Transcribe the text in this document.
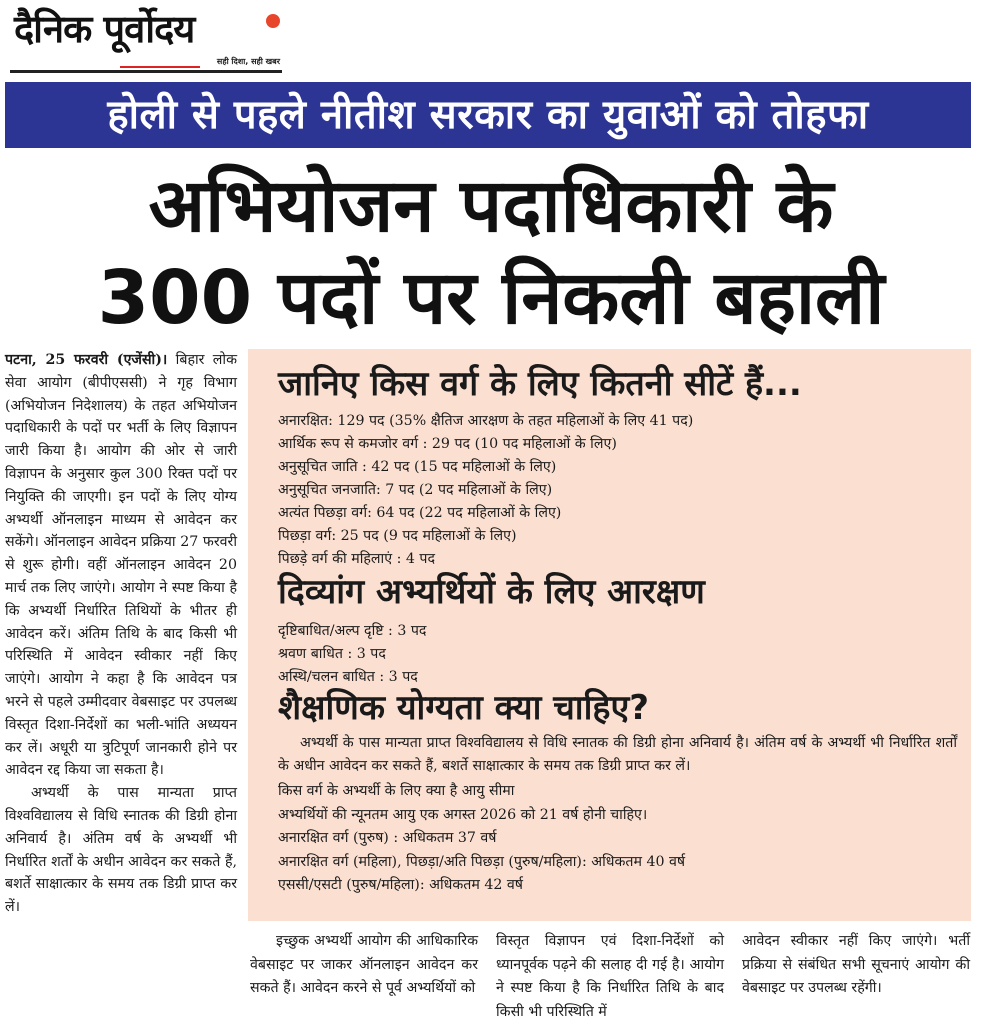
दैनिक पूर्वोदय
सही दिशा, सही खबर
होली से पहले नीतीश सरकार का युवाओं को तोहफा
अभियोजन पदाधिकारी के
300 पदों पर निकली बहाली
पटना, 25 फरवरी (एजेंसी)। बिहार लोक सेवा आयोग (बीपीएससी) ने गृह विभाग (अभियोजन निदेशालय) के तहत अभियोजन पदाधिकारी के पदों पर भर्ती के लिए विज्ञापन जारी किया है। आयोग की ओर से जारी विज्ञापन के अनुसार कुल 300 रिक्त पदों पर नियुक्ति की जाएगी। इन पदों के लिए योग्य अभ्यर्थी ऑनलाइन माध्यम से आवेदन कर सकेंगे। ऑनलाइन आवेदन प्रक्रिया 27 फरवरी से शुरू होगी। वहीं ऑनलाइन आवेदन 20 मार्च तक लिए जाएंगे। आयोग ने स्पष्ट किया है कि अभ्यर्थी निर्धारित तिथियों के भीतर ही आवेदन करें। अंतिम तिथि के बाद किसी भी परिस्थिति में आवेदन स्वीकार नहीं किए जाएंगे। आयोग ने कहा है कि आवेदन पत्र भरने से पहले उम्मीदवार वेबसाइट पर उपलब्ध विस्तृत दिशा-निर्देशों का भली-भांति अध्ययन कर लें। अधूरी या त्रुटिपूर्ण जानकारी होने पर आवेदन रद्द किया जा सकता है।
अभ्यर्थी के पास मान्यता प्राप्त विश्वविद्यालय से विधि स्नातक की डिग्री होना अनिवार्य है। अंतिम वर्ष के अभ्यर्थी भी निर्धारित शर्तों के अधीन आवेदन कर सकते हैं, बशर्ते साक्षात्कार के समय तक डिग्री प्राप्त कर लें।
जानिए किस वर्ग के लिए कितनी सीटें हैं...
अनारक्षित: 129 पद (35% क्षैतिज आरक्षण के तहत महिलाओं के लिए 41 पद)
आर्थिक रूप से कमजोर वर्ग : 29 पद (10 पद महिलाओं के लिए)
अनुसूचित जाति : 42 पद (15 पद महिलाओं के लिए)
अनुसूचित जनजाति: 7 पद (2 पद महिलाओं के लिए)
अत्यंत पिछड़ा वर्ग: 64 पद (22 पद महिलाओं के लिए)
पिछड़ा वर्ग: 25 पद (9 पद महिलाओं के लिए)
पिछड़े वर्ग की महिलाएं : 4 पद
दिव्यांग अभ्यर्थियों के लिए आरक्षण
दृष्टिबाधित/अल्प दृष्टि : 3 पद
श्रवण बाधित : 3 पद
अस्थि/चलन बाधित : 3 पद
शैक्षणिक योग्यता क्या चाहिए?
अभ्यर्थी के पास मान्यता प्राप्त विश्वविद्यालय से विधि स्नातक की डिग्री होना अनिवार्य है। अंतिम वर्ष के अभ्यर्थी भी निर्धारित शर्तों के अधीन आवेदन कर सकते हैं, बशर्ते साक्षात्कार के समय तक डिग्री प्राप्त कर लें।
किस वर्ग के अभ्यर्थी के लिए क्या है आयु सीमा
अभ्यर्थियों की न्यूनतम आयु एक अगस्त 2026 को 21 वर्ष होनी चाहिए।
अनारक्षित वर्ग (पुरुष) : अधिकतम 37 वर्ष
अनारक्षित वर्ग (महिला), पिछड़ा/अति पिछड़ा (पुरुष/महिला): अधिकतम 40 वर्ष
एससी/एसटी (पुरुष/महिला): अधिकतम 42 वर्ष
इच्छुक अभ्यर्थी आयोग की आधिकारिक वेबसाइट पर जाकर ऑनलाइन आवेदन कर सकते हैं। आवेदन करने से पूर्व अभ्यर्थियों को
विस्तृत विज्ञापन एवं दिशा-निर्देशों को ध्यानपूर्वक पढ़ने की सलाह दी गई है। आयोग ने स्पष्ट किया है कि निर्धारित तिथि के बाद किसी भी परिस्थिति में
आवेदन स्वीकार नहीं किए जाएंगे। भर्ती प्रक्रिया से संबंधित सभी सूचनाएं आयोग की वेबसाइट पर उपलब्ध रहेंगी।
